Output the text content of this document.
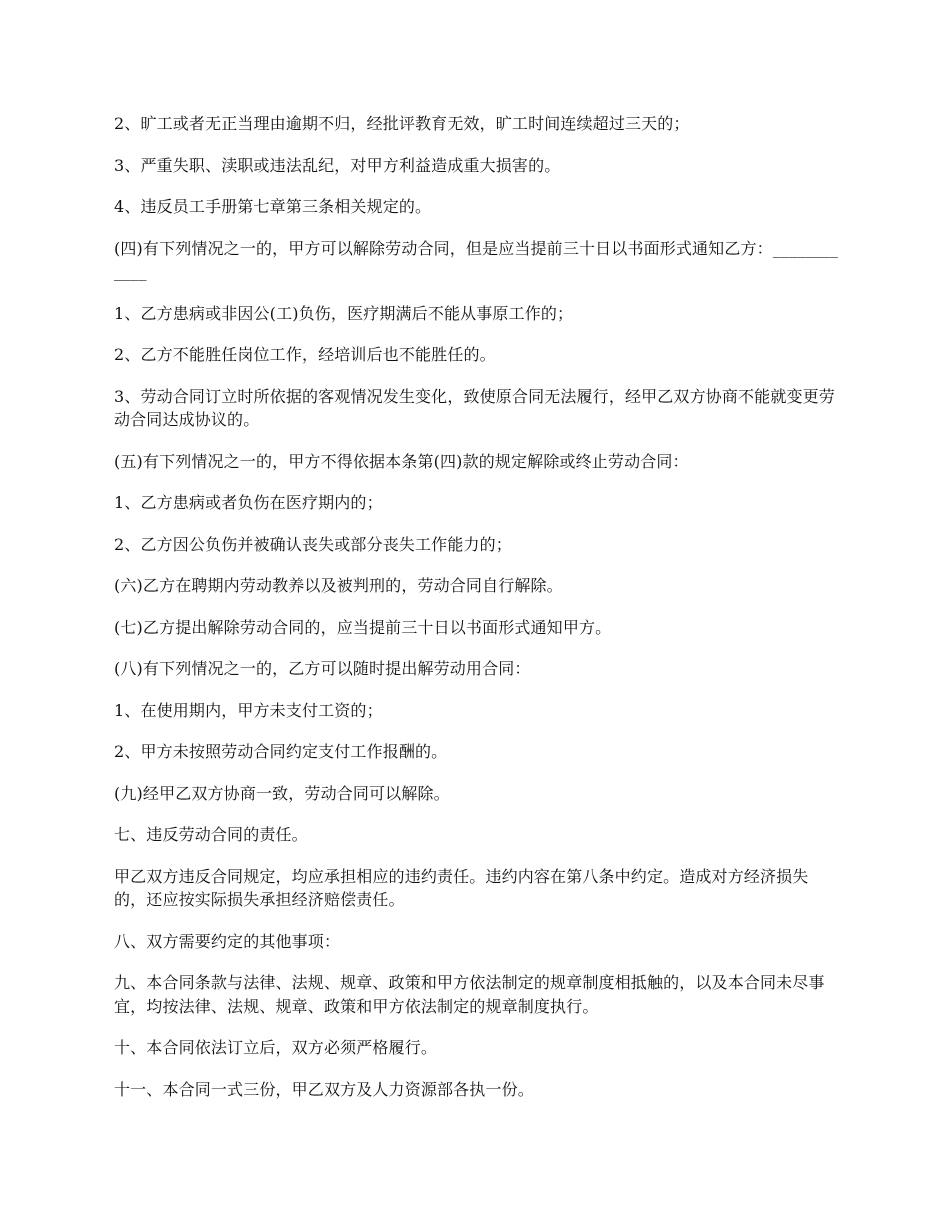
2、旷工或者无正当理由逾期不归，经批评教育无效，旷工时间连续超过三天的；

3、严重失职、渎职或违法乱纪，对甲方利益造成重大损害的。

4、违反员工手册第七章第三条相关规定的。

(四)有下列情况之一的，甲方可以解除劳动合同，但是应当提前三十日以书面形式通知乙方：____________

1、乙方患病或非因公(工)负伤，医疗期满后不能从事原工作的；

2、乙方不能胜任岗位工作，经培训后也不能胜任的。

3、劳动合同订立时所依据的客观情况发生变化，致使原合同无法履行，经甲乙双方协商不能就变更劳动合同达成协议的。

(五)有下列情况之一的，甲方不得依据本条第(四)款的规定解除或终止劳动合同：

1、乙方患病或者负伤在医疗期内的；

2、乙方因公负伤并被确认丧失或部分丧失工作能力的；

(六)乙方在聘期内劳动教养以及被判刑的，劳动合同自行解除。

(七)乙方提出解除劳动合同的，应当提前三十日以书面形式通知甲方。

(八)有下列情况之一的，乙方可以随时提出解劳动用合同：

1、在使用期内，甲方未支付工资的；

2、甲方未按照劳动合同约定支付工作报酬的。

(九)经甲乙双方协商一致，劳动合同可以解除。

七、违反劳动合同的责任。

甲乙双方违反合同规定，均应承担相应的违约责任。违约内容在第八条中约定。造成对方经济损失的，还应按实际损失承担经济赔偿责任。

八、双方需要约定的其他事项：

九、本合同条款与法律、法规、规章、政策和甲方依法制定的规章制度相抵触的，以及本合同未尽事宜，均按法律、法规、规章、政策和甲方依法制定的规章制度执行。

十、本合同依法订立后，双方必须严格履行。

十一、本合同一式三份，甲乙双方及人力资源部各执一份。
